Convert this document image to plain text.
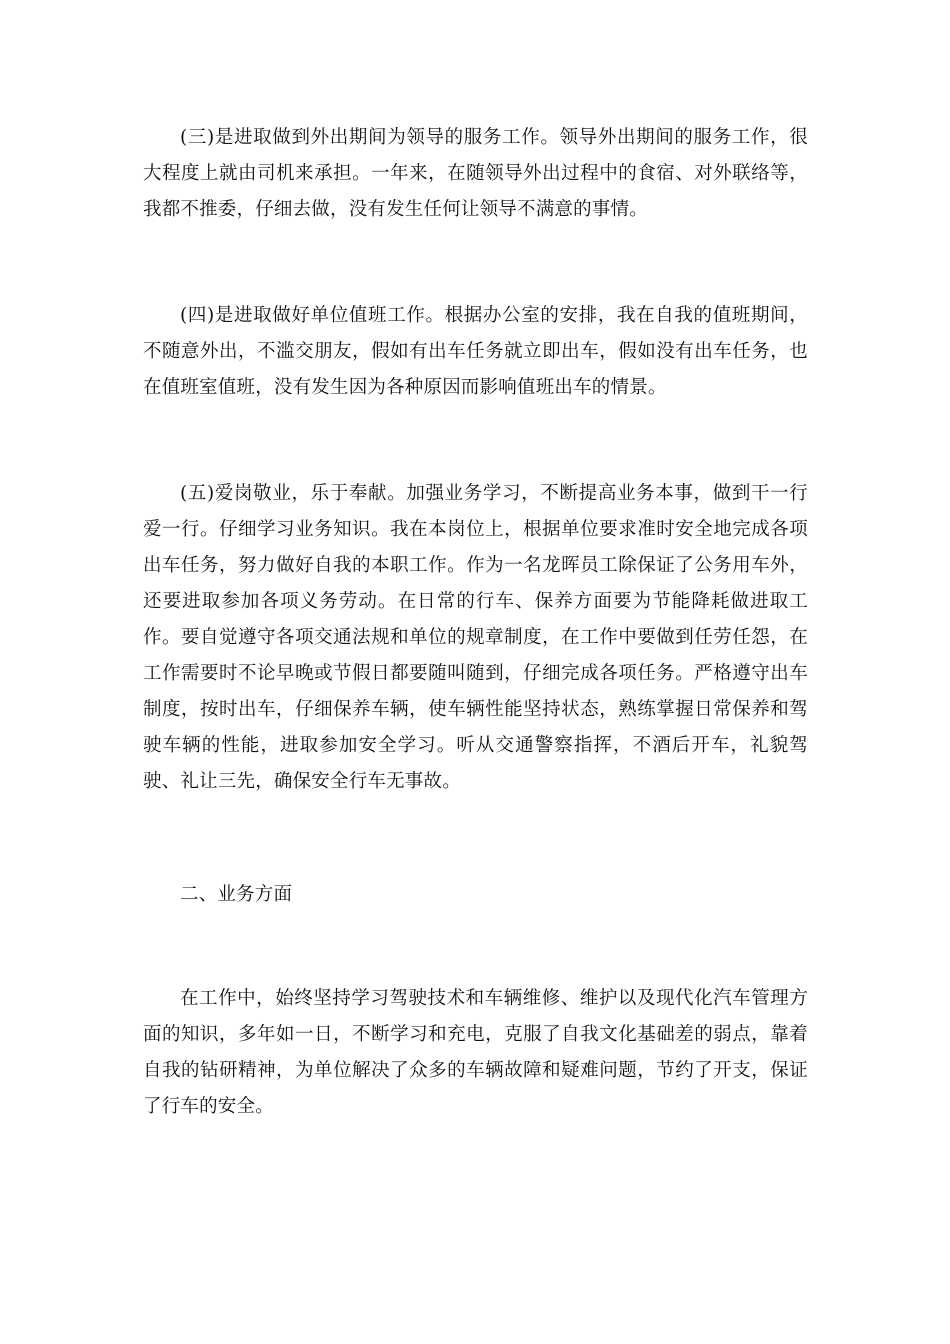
(三)是进取做到外出期间为领导的服务工作。领导外出期间的服务工作，很大程度上就由司机来承担。一年来，在随领导外出过程中的食宿、对外联络等，我都不推委，仔细去做，没有发生任何让领导不满意的事情。

(四)是进取做好单位值班工作。根据办公室的安排，我在自我的值班期间，不随意外出，不滥交朋友，假如有出车任务就立即出车，假如没有出车任务，也在值班室值班，没有发生因为各种原因而影响值班出车的情景。

(五)爱岗敬业，乐于奉献。加强业务学习，不断提高业务本事，做到干一行爱一行。仔细学习业务知识。我在本岗位上，根据单位要求准时安全地完成各项出车任务，努力做好自我的本职工作。作为一名龙晖员工除保证了公务用车外，还要进取参加各项义务劳动。在日常的行车、保养方面要为节能降耗做进取工作。要自觉遵守各项交通法规和单位的规章制度，在工作中要做到任劳任怨，在工作需要时不论早晚或节假日都要随叫随到，仔细完成各项任务。严格遵守出车制度，按时出车，仔细保养车辆，使车辆性能坚持状态，熟练掌握日常保养和驾驶车辆的性能，进取参加安全学习。听从交通警察指挥，不酒后开车，礼貌驾驶、礼让三先，确保安全行车无事故。

二、业务方面

在工作中，始终坚持学习驾驶技术和车辆维修、维护以及现代化汽车管理方面的知识，多年如一日，不断学习和充电，克服了自我文化基础差的弱点，靠着自我的钻研精神，为单位解决了众多的车辆故障和疑难问题，节约了开支，保证了行车的安全。
